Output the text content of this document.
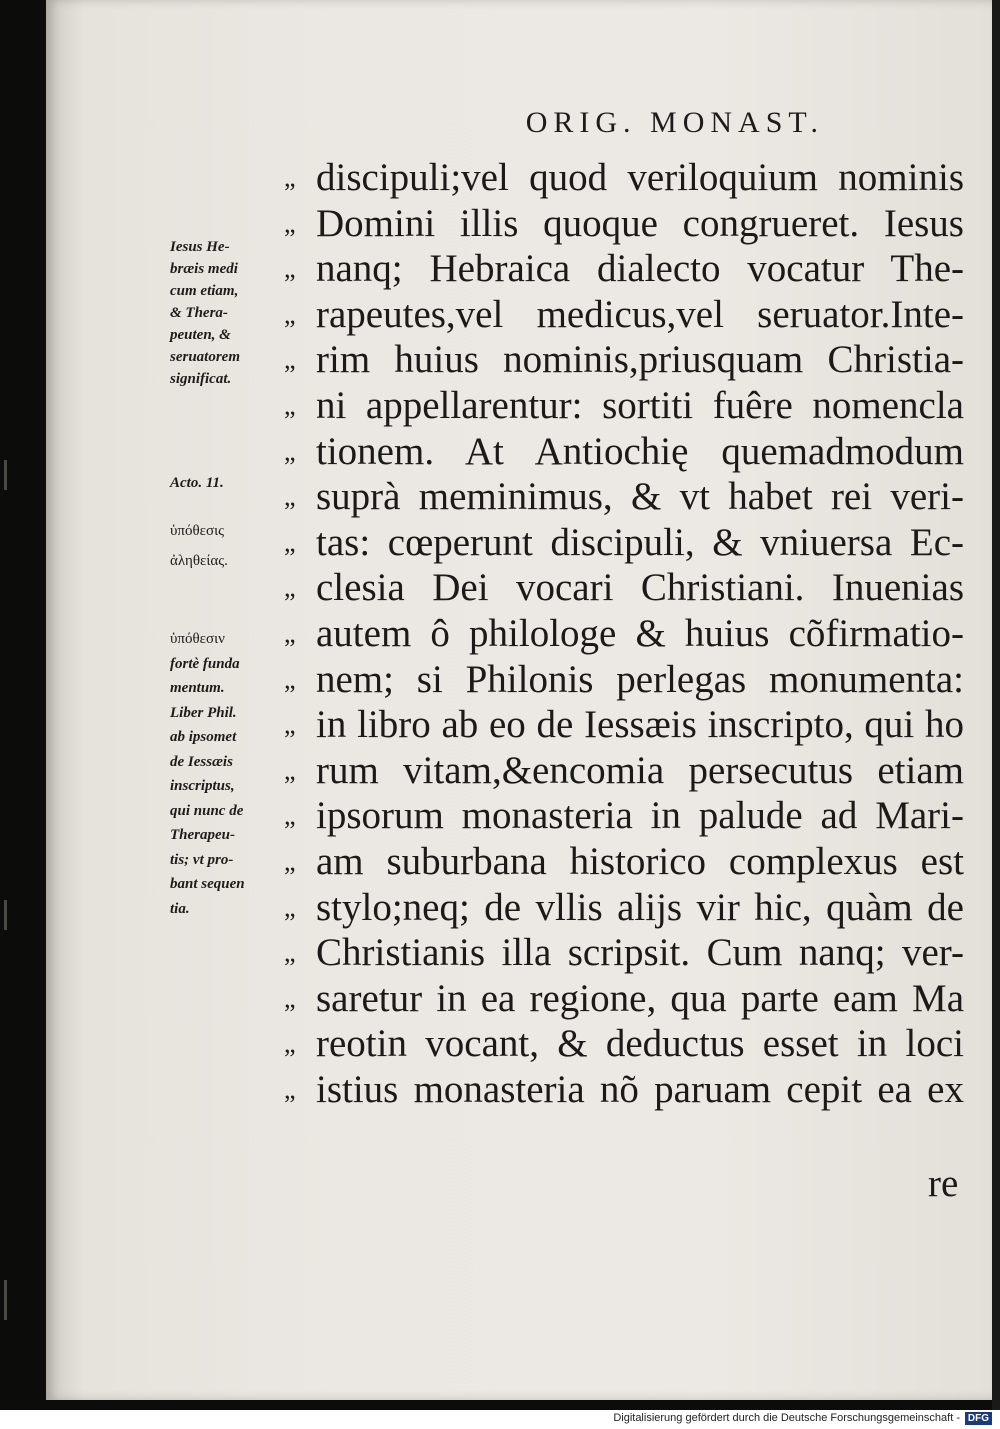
ORIG. MONAST.
„ discipuli;vel quod veriloquium nominis
„ Domini illis quoque congrueret. Iesus
„ nanq; Hebraica dialecto vocatur The-
„ rapeutes,vel medicus,vel seruator.Inte-
„ rim huius nominis,priusquam Christia-
„ ni appellarentur: sortiti fuêre nomencla
„ tionem. At Antiochię quemadmodum
„ suprà meminimus, & vt habet rei veri-
„ tas: cœperunt discipuli, & vniuersa Ec-
„ clesia Dei vocari Christiani. Inuenias
„ autem ô philologe & huius cõfirmatio-
„ nem; si Philonis perlegas monumenta:
„ in libro ab eo de Iessæis inscripto, qui ho
„ rum vitam,&encomia persecutus etiam
„ ipsorum monasteria in palude ad Mari-
„ am suburbana historico complexus est
„ stylo;neq; de vllis alijs vir hic, quàm de
„ Christianis illa scripsit. Cum nanq; ver-
„ saretur in ea regione, qua parte eam Ma
„ reotin vocant, & deductus esset in loci
„ istius monasteria nõ paruam cepit ea ex
Iesus He-
bræis medi
cum etiam,
& Thera-
peuten, &
seruatorem
significat.
Acto. 11.
ὑπόθεσις
ἀληθείας.
ὑπόθεσιν
fortè funda
mentum.
Liber Phil.
ab ipsomet
de Iessæis
inscriptus,
qui nunc de
Therapeu-
tis; vt pro-
bant sequen
tia.
re
Digitalisierung gefördert durch die Deutsche Forschungsgemeinschaft - DFG
